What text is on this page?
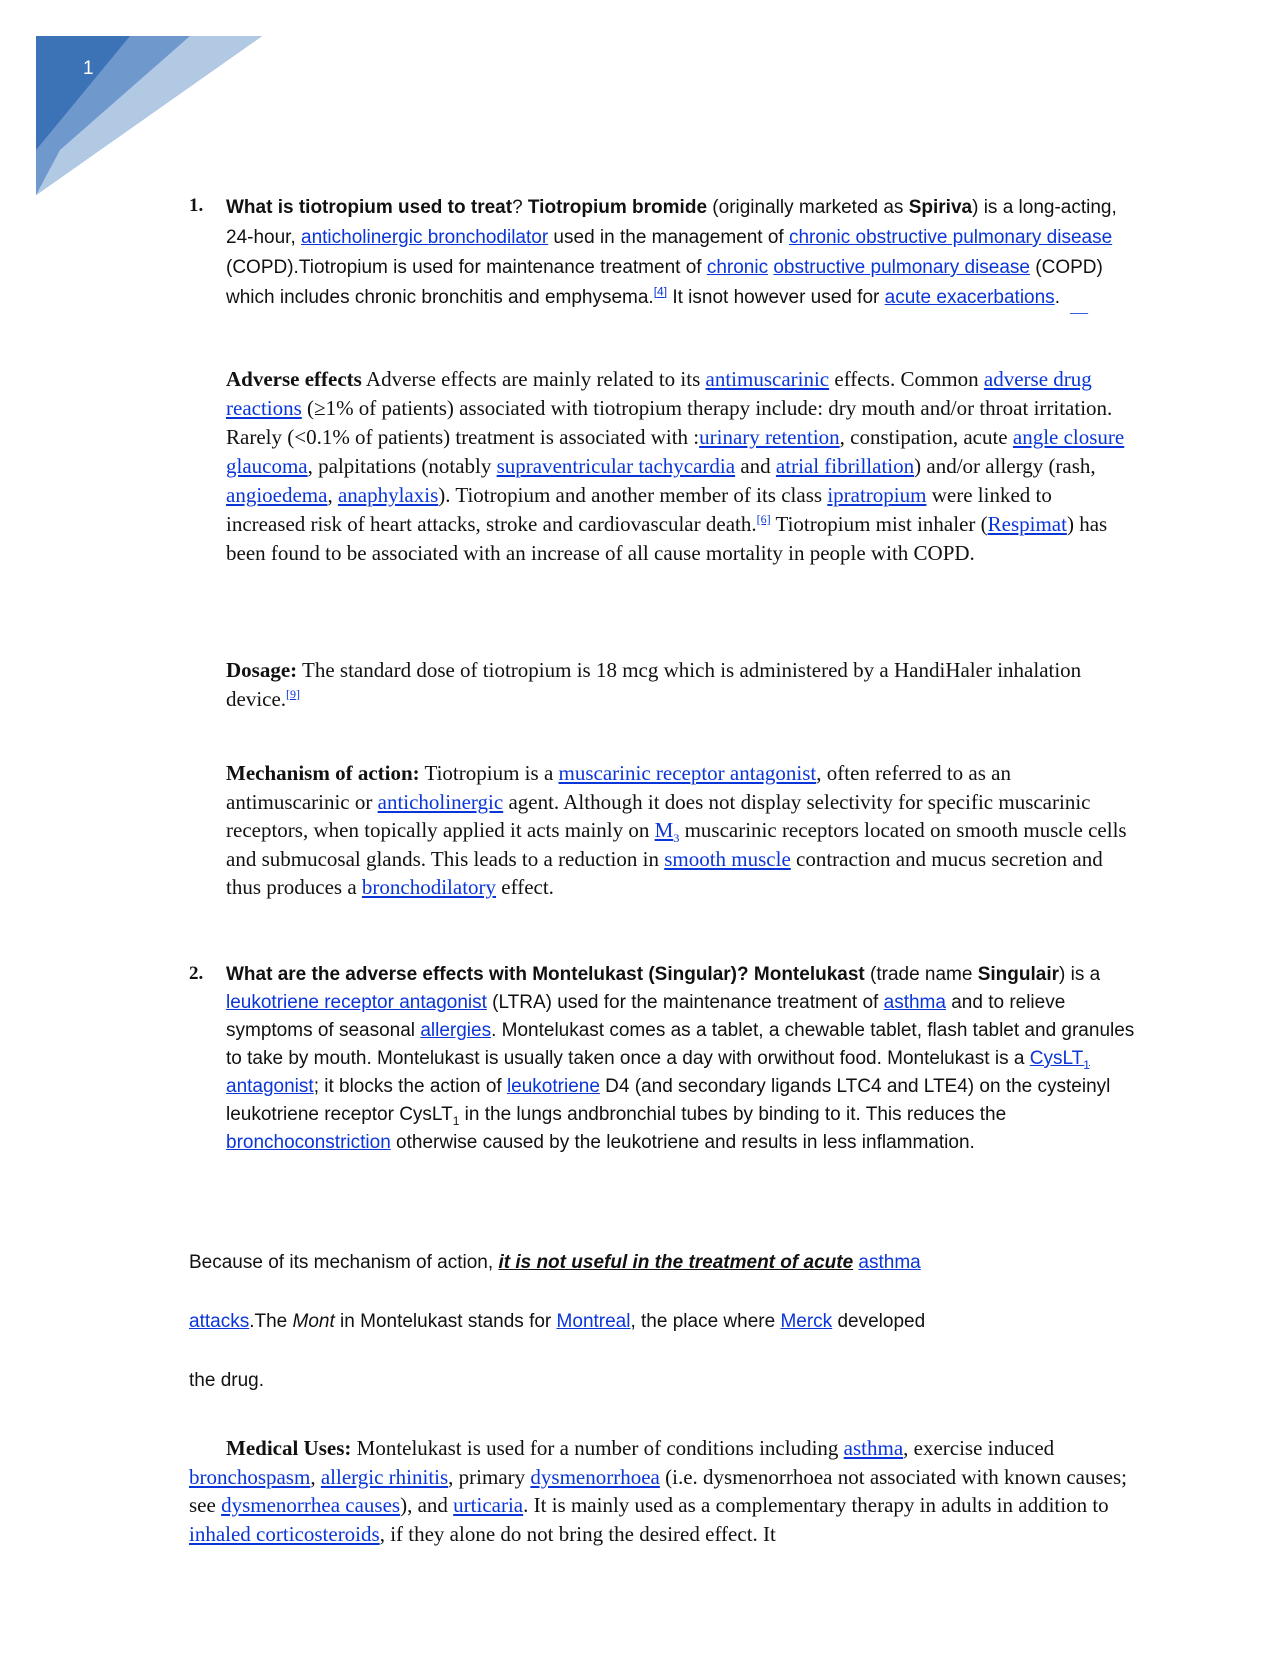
1
1. What is tiotropium used to treat? Tiotropium bromide (originally marketed as Spiriva) is a long-acting, 24-hour, anticholinergic bronchodilator used in the management of chronic obstructive pulmonary disease (COPD).Tiotropium is used for maintenance treatment of chronic obstructive pulmonary disease (COPD) which includes chronic bronchitis and emphysema.[4] It isnot however used for acute exacerbations.
—
Adverse effects Adverse effects are mainly related to its antimuscarinic effects. Common adverse drug reactions (≥1% of patients) associated with tiotropium therapy include: dry mouth and/or throat irritation. Rarely (<0.1% of patients) treatment is associated with :urinary retention, constipation, acute angle closure glaucoma, palpitations (notably supraventricular tachycardia and atrial fibrillation) and/or allergy (rash, angioedema, anaphylaxis). Tiotropium and another member of its class ipratropium were linked to increased risk of heart attacks, stroke and cardiovascular death.[6] Tiotropium mist inhaler (Respimat) has been found to be associated with an increase of all cause mortality in people with COPD.
Dosage: The standard dose of tiotropium is 18 mcg which is administered by a HandiHaler inhalation device.[9]
Mechanism of action: Tiotropium is a muscarinic receptor antagonist, often referred to as an antimuscarinic or anticholinergic agent. Although it does not display selectivity for specific muscarinic receptors, when topically applied it acts mainly on $M_3$ muscarinic receptors located on smooth muscle cells and submucosal glands. This leads to a reduction in smooth muscle contraction and mucus secretion and thus produces a bronchodilatory effect.
2. What are the adverse effects with Montelukast (Singular)? Montelukast (trade name Singulair) is a leukotriene receptor antagonist (LTRA) used for the maintenance treatment of asthma and to relieve symptoms of seasonal allergies. Montelukast comes as a tablet, a chewable tablet, flash tablet and granules to take by mouth. Montelukast is usually taken once a day with orwithout food. Montelukast is a CysLT$_1$ antagonist; it blocks the action of leukotriene D4 (and secondary ligands LTC4 and LTE4) on the cysteinyl leukotriene receptor CysLT$_1$ in the lungs andbronchial tubes by binding to it. This reduces the bronchoconstriction otherwise caused by the leukotriene and results in less inflammation.
Because of its mechanism of action, it is not useful in the treatment of acute asthma
attacks.The Mont in Montelukast stands for Montreal, the place where Merck developed
the drug.
Medical Uses: Montelukast is used for a number of conditions including asthma, exercise induced bronchospasm, allergic rhinitis, primary dysmenorrhoea (i.e. dysmenorrhoea not associated with known causes; see dysmenorrhea causes), and urticaria. It is mainly used as a complementary therapy in adults in addition to inhaled corticosteroids, if they alone do not bring the desired effect. It
